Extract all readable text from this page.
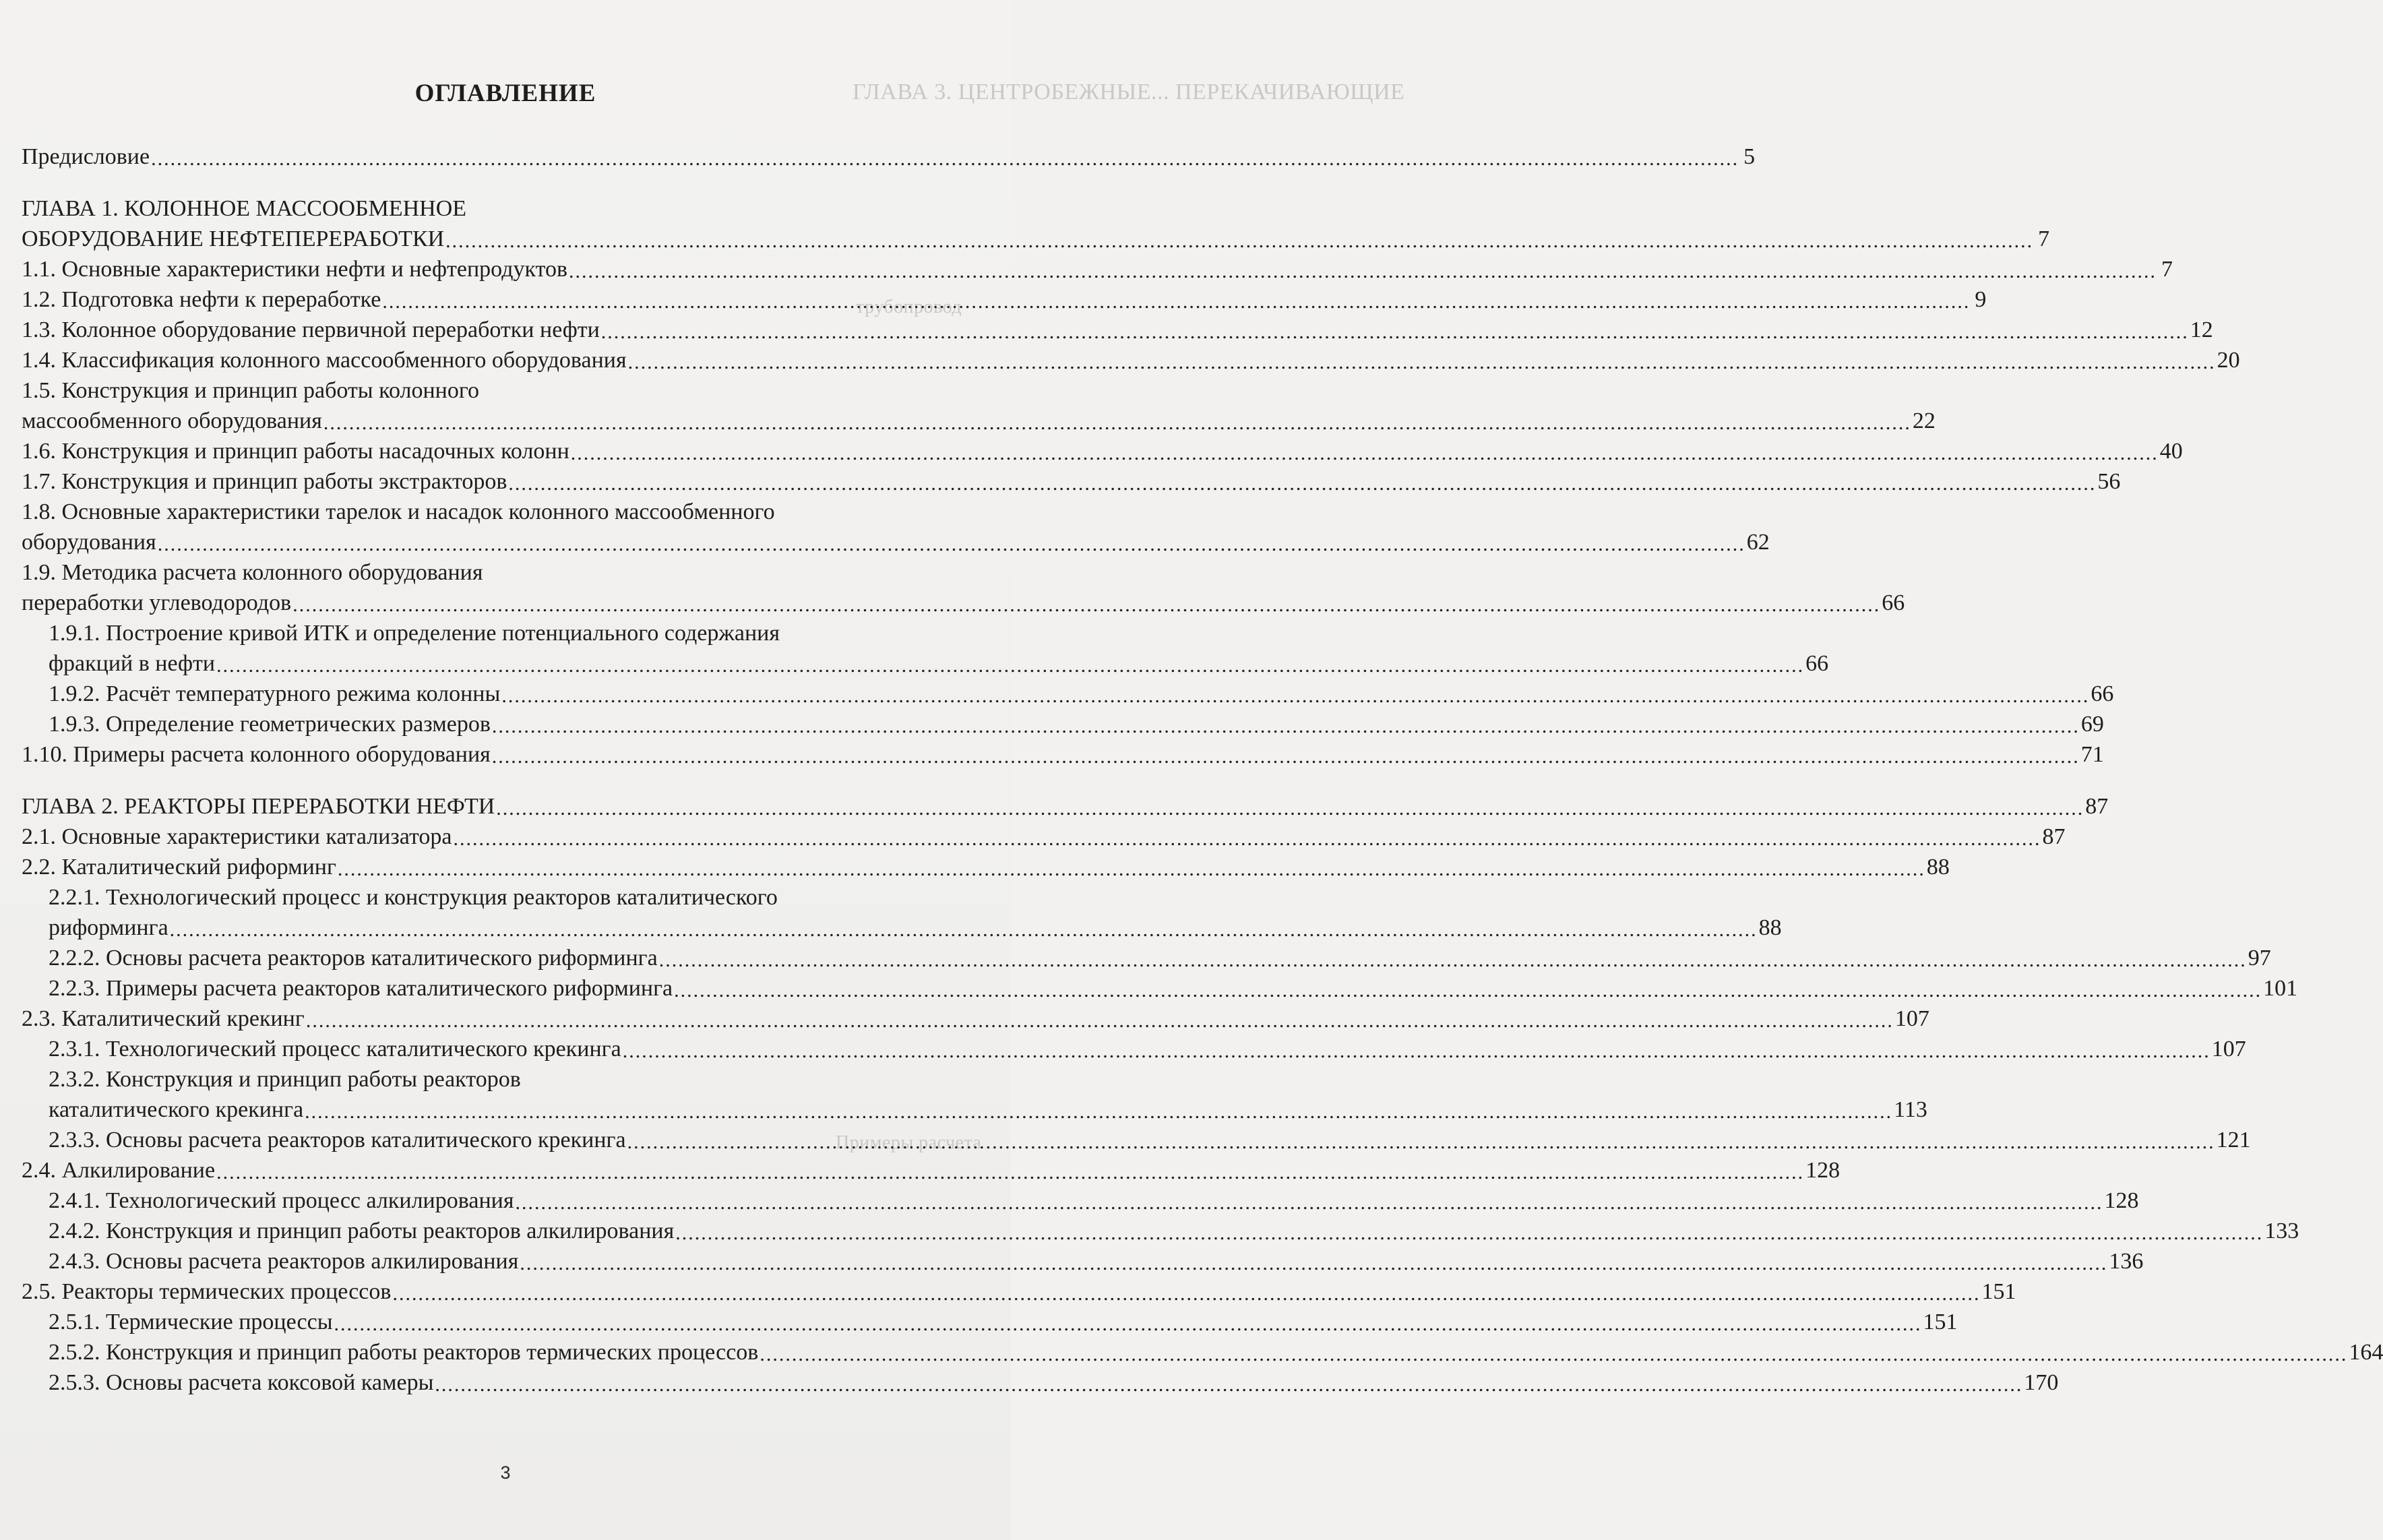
ГЛАВА 3. ЦЕНТРОБЕЖНЫЕ... ПЕРЕКАЧИВАЮЩИЕ
трубопровод
Примеры расчета
ОГЛАВЛЕНИЕ
Предисловие .....	5
ГЛАВА 1. КОЛОННОЕ МАССООБМЕННОЕ
ОБОРУДОВАНИЕ НЕФТЕПЕРЕРАБОТКИ .....	7
1.1. Основные характеристики нефти и нефтепродуктов .....	7
1.2. Подготовка нефти к переработке .....	9
1.3. Колонное оборудование первичной переработки нефти .....	12
1.4. Классификация колонного массообменного оборудования .....	20
1.5. Конструкция и принцип работы колонного
массообменного оборудования .....	22
1.6. Конструкция и принцип работы насадочных колонн .....	40
1.7. Конструкция и принцип работы экстракторов .....	56
1.8. Основные характеристики тарелок и насадок колонного массообменного
оборудования .....	62
1.9. Методика расчета колонного оборудования
переработки углеводородов .....	66
1.9.1. Построение кривой ИТК и определение потенциального содержания
фракций в нефти .....	66
1.9.2. Расчёт температурного режима колонны .....	66
1.9.3. Определение геометрических размеров .....	69
1.10. Примеры расчета колонного оборудования .....	71
ГЛАВА 2. РЕАКТОРЫ ПЕРЕРАБОТКИ НЕФТИ .....	87
2.1. Основные характеристики катализатора .....	87
2.2. Каталитический риформинг .....	88
2.2.1. Технологический процесс и конструкция реакторов каталитического
риформинга .....	88
2.2.2. Основы расчета реакторов каталитического риформинга .....	97
2.2.3. Примеры расчета реакторов каталитического риформинга .....	101
2.3. Каталитический крекинг .....	107
2.3.1. Технологический процесс каталитического крекинга .....	107
2.3.2. Конструкция и принцип работы реакторов
каталитического крекинга .....	113
2.3.3. Основы расчета реакторов каталитического крекинга .....	121
2.4. Алкилирование .....	128
2.4.1. Технологический процесс алкилирования .....	128
2.4.2. Конструкция и принцип работы реакторов алкилирования .....	133
2.4.3. Основы расчета реакторов алкилирования .....	136
2.5. Реакторы термических процессов .....	151
2.5.1. Термические процессы .....	151
2.5.2. Конструкция и принцип работы реакторов термических процессов .....	164
2.5.3. Основы расчета коксовой камеры .....	170
3
